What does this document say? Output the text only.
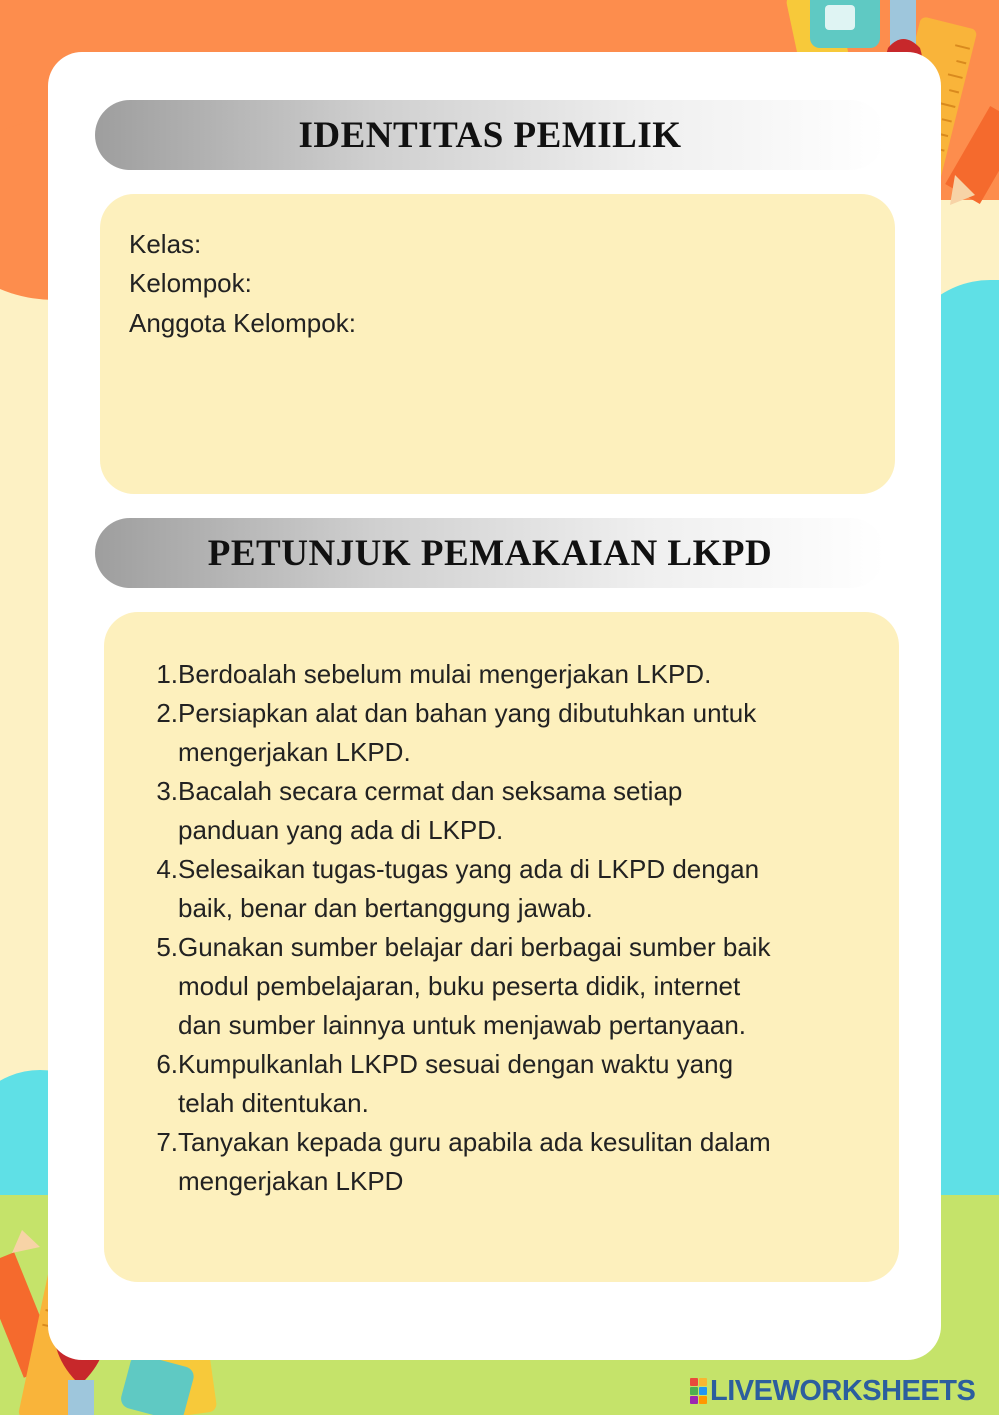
IDENTITAS PEMILIK
Kelas:
Kelompok:
Anggota Kelompok:
PETUNJUK PEMAKAIAN LKPD
1. Berdoalah sebelum mulai mengerjakan LKPD.
2. Persiapkan alat dan bahan yang dibutuhkan untuk
mengerjakan LKPD.
3. Bacalah secara cermat dan seksama setiap
panduan yang ada di LKPD.
4. Selesaikan tugas-tugas yang ada di LKPD dengan
baik, benar dan bertanggung jawab.
5. Gunakan sumber belajar dari berbagai sumber baik
modul pembelajaran, buku peserta didik, internet
dan sumber lainnya untuk menjawab pertanyaan.
6. Kumpulkanlah LKPD sesuai dengan waktu yang
telah ditentukan.
7. Tanyakan kepada guru apabila ada kesulitan dalam
mengerjakan LKPD
LIVEWORKSHEETS
